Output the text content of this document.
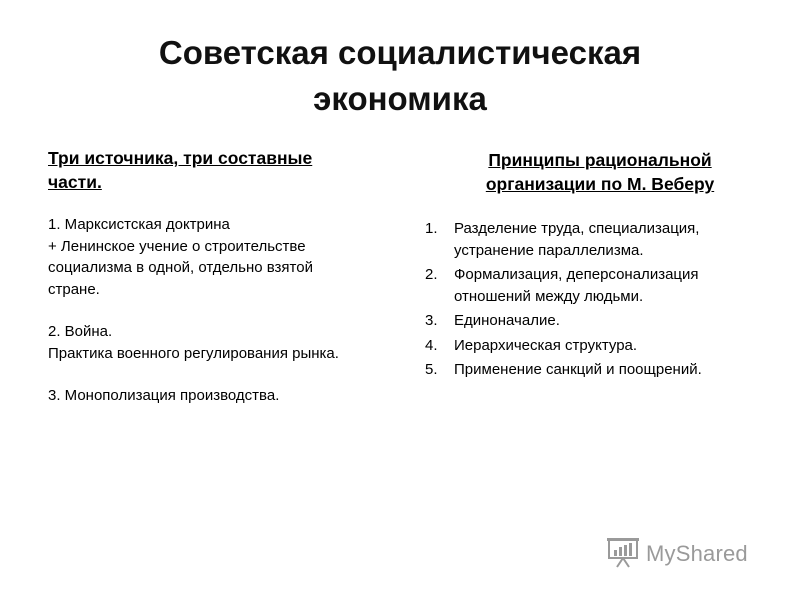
Советская социалистическая
экономика
Три источника, три составные
части.
1. Марксистская доктрина
+ Ленинское учение о строительстве
социализма в одной, отдельно взятой
стране.
2. Война.
Практика военного регулирования рынка.
3. Монополизация производства.
Принципы рациональной
организации по М. Веберу
1.	Разделение труда, специализация,
устранение параллелизма.
2.	Формализация, деперсонализация
отношений между людьми.
3.	Единоначалие.
4.	Иерархическая структура.
5.	Применение санкций и поощрений.
MyShared
